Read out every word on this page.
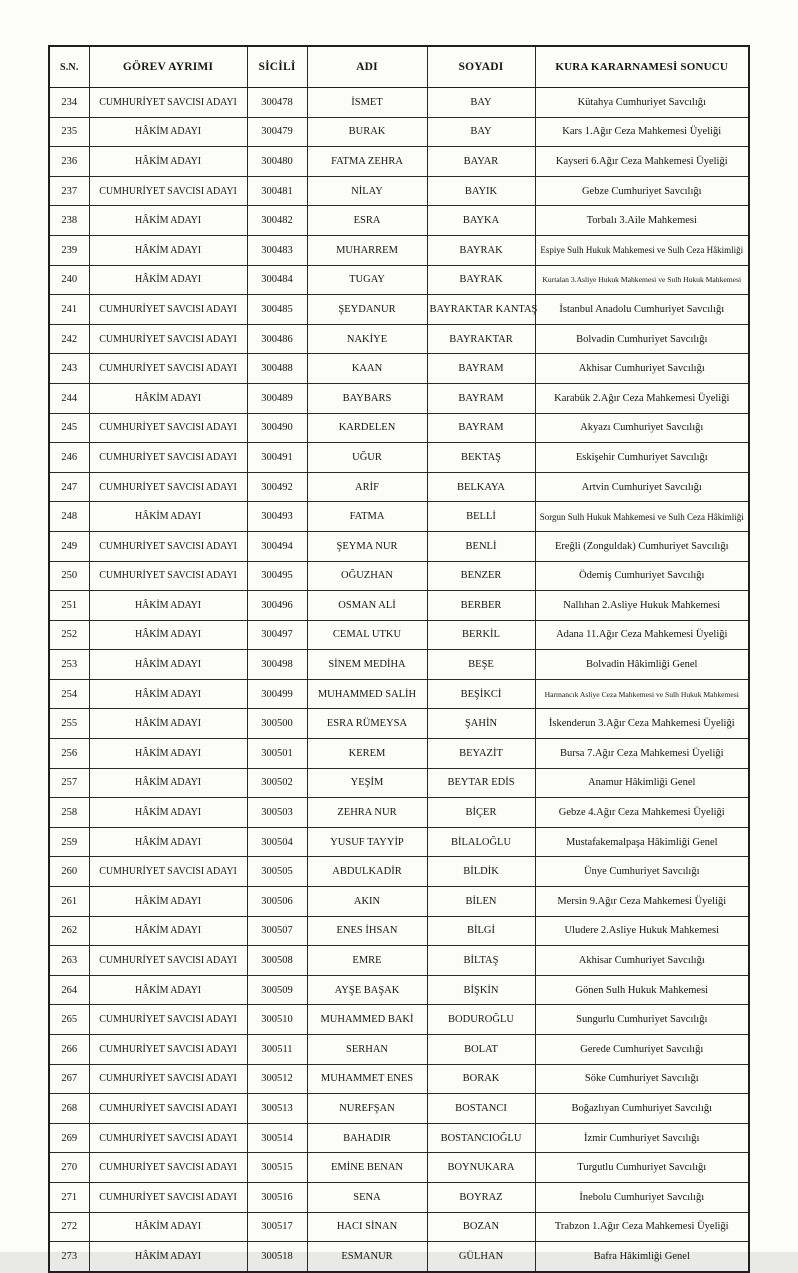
S.N.	GÖREV AYRIMI	SİCİLİ	ADI	SOYADI	KURA KARARNAMESİ SONUCU
234	CUMHURİYET SAVCISI ADAYI	300478	İSMET	BAY	Kütahya Cumhuriyet Savcılığı
235	HÂKİM ADAYI	300479	BURAK	BAY	Kars 1.Ağır Ceza Mahkemesi Üyeliği
236	HÂKİM ADAYI	300480	FATMA ZEHRA	BAYAR	Kayseri 6.Ağır Ceza Mahkemesi Üyeliği
237	CUMHURİYET SAVCISI ADAYI	300481	NİLAY	BAYIK	Gebze Cumhuriyet Savcılığı
238	HÂKİM ADAYI	300482	ESRA	BAYKA	Torbalı 3.Aile Mahkemesi
239	HÂKİM ADAYI	300483	MUHARREM	BAYRAK	Espiye Sulh Hukuk Mahkemesi ve Sulh Ceza Hâkimliği
240	HÂKİM ADAYI	300484	TUGAY	BAYRAK	Kurtalan 3.Asliye Hukuk Mahkemesi ve Sulh Hukuk Mahkemesi
241	CUMHURİYET SAVCISI ADAYI	300485	ŞEYDANUR	BAYRAKTAR KANTAŞ	İstanbul Anadolu Cumhuriyet Savcılığı
242	CUMHURİYET SAVCISI ADAYI	300486	NAKİYE	BAYRAKTAR	Bolvadin Cumhuriyet Savcılığı
243	CUMHURİYET SAVCISI ADAYI	300488	KAAN	BAYRAM	Akhisar Cumhuriyet Savcılığı
244	HÂKİM ADAYI	300489	BAYBARS	BAYRAM	Karabük 2.Ağır Ceza Mahkemesi Üyeliği
245	CUMHURİYET SAVCISI ADAYI	300490	KARDELEN	BAYRAM	Akyazı Cumhuriyet Savcılığı
246	CUMHURİYET SAVCISI ADAYI	300491	UĞUR	BEKTAŞ	Eskişehir Cumhuriyet Savcılığı
247	CUMHURİYET SAVCISI ADAYI	300492	ARİF	BELKAYA	Artvin Cumhuriyet Savcılığı
248	HÂKİM ADAYI	300493	FATMA	BELLİ	Sorgun Sulh Hukuk Mahkemesi ve Sulh Ceza Hâkimliği
249	CUMHURİYET SAVCISI ADAYI	300494	ŞEYMA NUR	BENLİ	Ereğli (Zonguldak) Cumhuriyet Savcılığı
250	CUMHURİYET SAVCISI ADAYI	300495	OĞUZHAN	BENZER	Ödemiş Cumhuriyet Savcılığı
251	HÂKİM ADAYI	300496	OSMAN ALİ	BERBER	Nallıhan 2.Asliye Hukuk Mahkemesi
252	HÂKİM ADAYI	300497	CEMAL UTKU	BERKİL	Adana 11.Ağır Ceza Mahkemesi Üyeliği
253	HÂKİM ADAYI	300498	SİNEM MEDİHA	BEŞE	Bolvadin Hâkimliği Genel
254	HÂKİM ADAYI	300499	MUHAMMED SALİH	BEŞİKCİ	Harmancık Asliye Ceza Mahkemesi ve Sulh Hukuk Mahkemesi
255	HÂKİM ADAYI	300500	ESRA RÜMEYSA	ŞAHİN	İskenderun 3.Ağır Ceza Mahkemesi Üyeliği
256	HÂKİM ADAYI	300501	KEREM	BEYAZİT	Bursa 7.Ağır Ceza Mahkemesi Üyeliği
257	HÂKİM ADAYI	300502	YEŞİM	BEYTAR EDİS	Anamur Hâkimliği Genel
258	HÂKİM ADAYI	300503	ZEHRA NUR	BİÇER	Gebze 4.Ağır Ceza Mahkemesi Üyeliği
259	HÂKİM ADAYI	300504	YUSUF TAYYİP	BİLALOĞLU	Mustafakemalpaşa Hâkimliği Genel
260	CUMHURİYET SAVCISI ADAYI	300505	ABDULKADİR	BİLDİK	Ünye Cumhuriyet Savcılığı
261	HÂKİM ADAYI	300506	AKIN	BİLEN	Mersin 9.Ağır Ceza Mahkemesi Üyeliği
262	HÂKİM ADAYI	300507	ENES İHSAN	BİLGİ	Uludere 2.Asliye Hukuk Mahkemesi
263	CUMHURİYET SAVCISI ADAYI	300508	EMRE	BİLTAŞ	Akhisar Cumhuriyet Savcılığı
264	HÂKİM ADAYI	300509	AYŞE BAŞAK	BİŞKİN	Gönen Sulh Hukuk Mahkemesi
265	CUMHURİYET SAVCISI ADAYI	300510	MUHAMMED BAKİ	BODUROĞLU	Sungurlu Cumhuriyet Savcılığı
266	CUMHURİYET SAVCISI ADAYI	300511	SERHAN	BOLAT	Gerede Cumhuriyet Savcılığı
267	CUMHURİYET SAVCISI ADAYI	300512	MUHAMMET ENES	BORAK	Söke Cumhuriyet Savcılığı
268	CUMHURİYET SAVCISI ADAYI	300513	NUREFŞAN	BOSTANCI	Boğazlıyan Cumhuriyet Savcılığı
269	CUMHURİYET SAVCISI ADAYI	300514	BAHADIR	BOSTANCIOĞLU	İzmir Cumhuriyet Savcılığı
270	CUMHURİYET SAVCISI ADAYI	300515	EMİNE BENAN	BOYNUKARA	Turgutlu Cumhuriyet Savcılığı
271	CUMHURİYET SAVCISI ADAYI	300516	SENA	BOYRAZ	İnebolu Cumhuriyet Savcılığı
272	HÂKİM ADAYI	300517	HACI SİNAN	BOZAN	Trabzon 1.Ağır Ceza Mahkemesi Üyeliği
273	HÂKİM ADAYI	300518	ESMANUR	GÜLHAN	Bafra Hâkimliği Genel
